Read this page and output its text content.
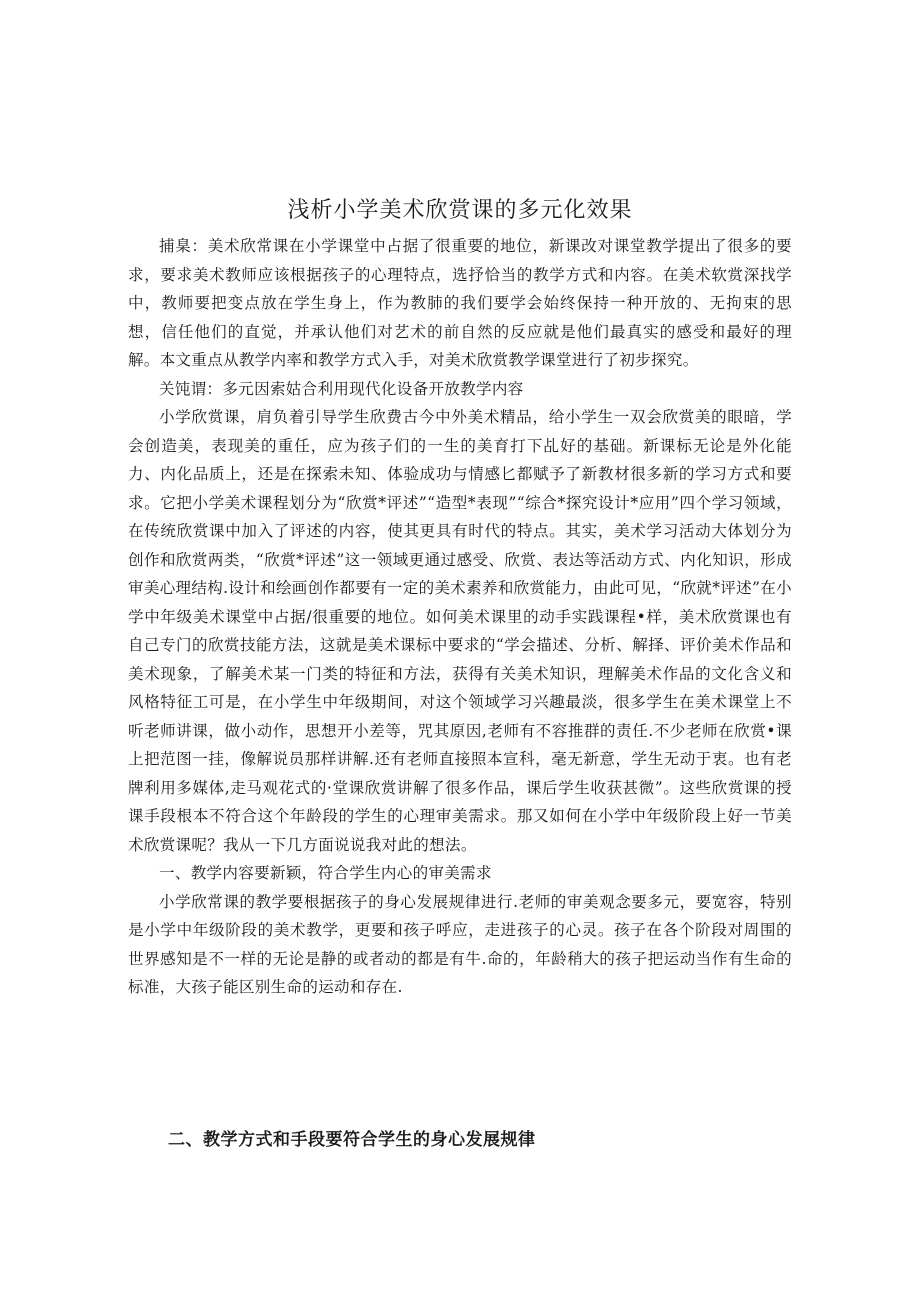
浅析小学美术欣赏课的多元化效果

捕臬：美术欣常课在小学课堂中占据了很重要的地位，新课改对课堂教学提出了很多的要求，要求美术教师应该根据孩子的心理特点，选抒恰当的教学方式和内容。在美术软赏深找学中，教师要把变点放在学生身上，作为教肺的我们要学会始终保持一种开放的、无拘束的思想，信任他们的直觉，并承认他们对艺术的前自然的反应就是他们最真实的感受和最好的理解。本文重点从教学内率和教学方式入手，对美术欣赏教学课堂进行了初步探究。

关饨谓：多元因索姑合利用现代化设备开放教学内容

小学欣赏课，肩负着引导学生欣费古今中外美术精品，给小学生一双会欣赏美的眼暗，学会创造美，表现美的重任，应为孩子们的一生的美育打下乩好的基础。新课标无论是外化能力、内化品质上，还是在探索未知、体验成功与情感匕都赋予了新教材很多新的学习方式和要求。它把小学美术课程划分为“欣赏*评述”“造型*表现”“综合*探究设计*应用”四个学习领域，在传统欣赏课中加入了评述的内容，使其更具有时代的特点。其实，美术学习活动大体划分为创作和欣赏两类，“欣赏*评述”这一领域更通过感受、欣赏、表达等活动方式、内化知识，形成审美心理结构.设计和绘画创作都要有一定的美术素养和欣赏能力，由此可见，“欣就*评述”在小学中年级美术课堂中占据/很重要的地位。如何美术课里的动手实践课程•样，美术欣赏课也有自己专门的欣赏技能方法，这就是美术课标中要求的“学会描述、分析、解择、评价美术作品和美术现象，了解美术某一门类的特征和方法，获得有关美术知识，理解美术作品的文化含义和风格特征工可是，在小学生中年级期间，对这个领域学习兴趣最淡，很多学生在美术课堂上不听老师讲课，做小动作，思想开小差等，咒其原因,老师有不容推群的责任.不少老师在欣赏•课上把范图一挂，像解说员那样讲解.还有老师直接照本宣科，毫无新意，学生无动于衷。也有老牌利用多媒体,走马观花式的·堂课欣赏讲解了很多作品，课后学生收获甚微”。这些欣赏课的授课手段根本不符合这个年龄段的学生的心理审美需求。那又如何在小学中年级阶段上好一节美术欣赏课呢？我从一下几方面说说我对此的想法。

一、教学内容要新颖，符合学生内心的审美需求

小学欣常课的教学要根据孩子的身心发展规律进行.老师的审美观念要多元，要宽容，特别是小学中年级阶段的美术教学，更要和孩子呼应，走进孩子的心灵。孩子在各个阶段对周围的世界感知是不一样的无论是静的或者动的都是有牛.命的，年龄稍大的孩子把运动当作有生命的标准，大孩子能区别生命的运动和存在.

二、教学方式和手段要符合学生的身心发展规律
